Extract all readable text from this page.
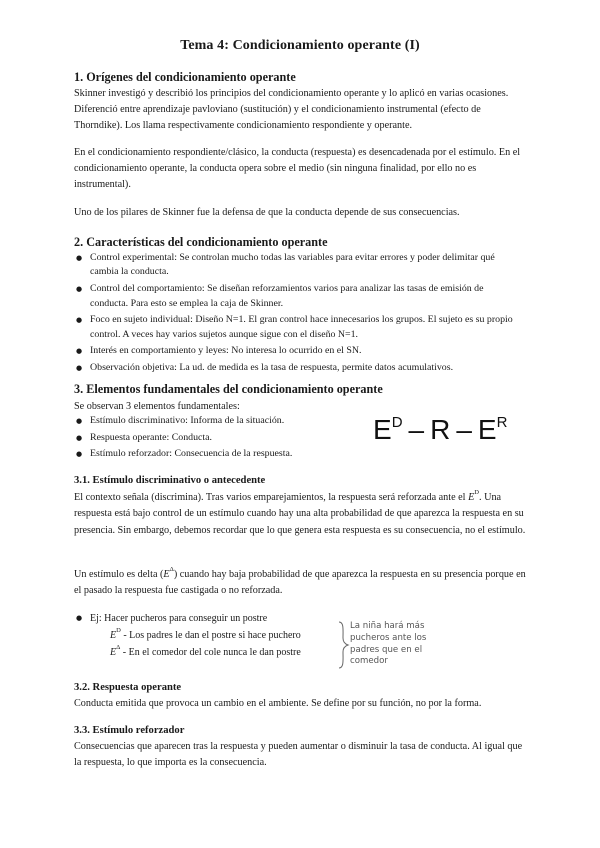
Tema 4: Condicionamiento operante (I)
1. Orígenes del condicionamiento operante

Skinner investigó y describió los principios del condicionamiento operante y lo aplicó en varias ocasiones. Diferenció entre aprendizaje pavloviano (sustitución) y el condicionamiento instrumental (efecto de Thorndike). Los llama respectivamente condicionamiento respondiente y operante.

En el condicionamiento respondiente/clásico, la conducta (respuesta) es desencadenada por el estímulo. En el condicionamiento operante, la conducta opera sobre el medio (sin ninguna finalidad, por ello no es instrumental).

Uno de los pilares de Skinner fue la defensa de que la conducta depende de sus consecuencias.

2. Características del condicionamiento operante
● Control experimental: Se controlan mucho todas las variables para evitar errores y poder delimitar qué cambia la conducta.
● Control del comportamiento: Se diseñan reforzamientos varios para analizar las tasas de emisión de conducta. Para esto se emplea la caja de Skinner.
● Foco en sujeto individual: Diseño N=1. El gran control hace innecesarios los grupos. El sujeto es su propio control. A veces hay varios sujetos aunque sigue con el diseño N=1.
● Interés en comportamiento y leyes: No interesa lo ocurrido en el SN.
● Observación objetiva: La ud. de medida es la tasa de respuesta, permite datos acumulativos.
3. Elementos fundamentales del condicionamiento operante

Se observan 3 elementos fundamentales:

● Estímulo discriminativo: Informa de la situación.
● Respuesta operante: Conducta.
● Estímulo reforzador: Consecuencia de la respuesta.
$E^D$ – R – $E^R$
3.1. Estímulo discriminativo o antecedente

El contexto señala (discrimina). Tras varios emparejamientos, la respuesta será reforzada ante el $E^D$. Una respuesta está bajo control de un estímulo cuando hay una alta probabilidad de que aparezca la respuesta en su presencia. Sin embargo, debemos recordar que lo que genera esta respuesta es su consecuencia, no el estímulo.

Un estímulo es delta $(E^\Delta)$ cuando hay baja probabilidad de que aparezca la respuesta en su presencia porque en el pasado la respuesta fue castigada o no reforzada.

● Ej: Hacer pucheros para conseguir un postre
$E^D$ - Los padres le dan el postre si hace puchero
$E^\Delta$ - En el comedor del cole nunca le dan postre
La niña hará más pucheros ante los padres que en el comedor
3.2. Respuesta operante

Conducta emitida que provoca un cambio en el ambiente. Se define por su función, no por la forma.

3.3. Estímulo reforzador

Consecuencias que aparecen tras la respuesta y pueden aumentar o disminuir la tasa de conducta. Al igual que la respuesta, lo que importa es la consecuencia.
